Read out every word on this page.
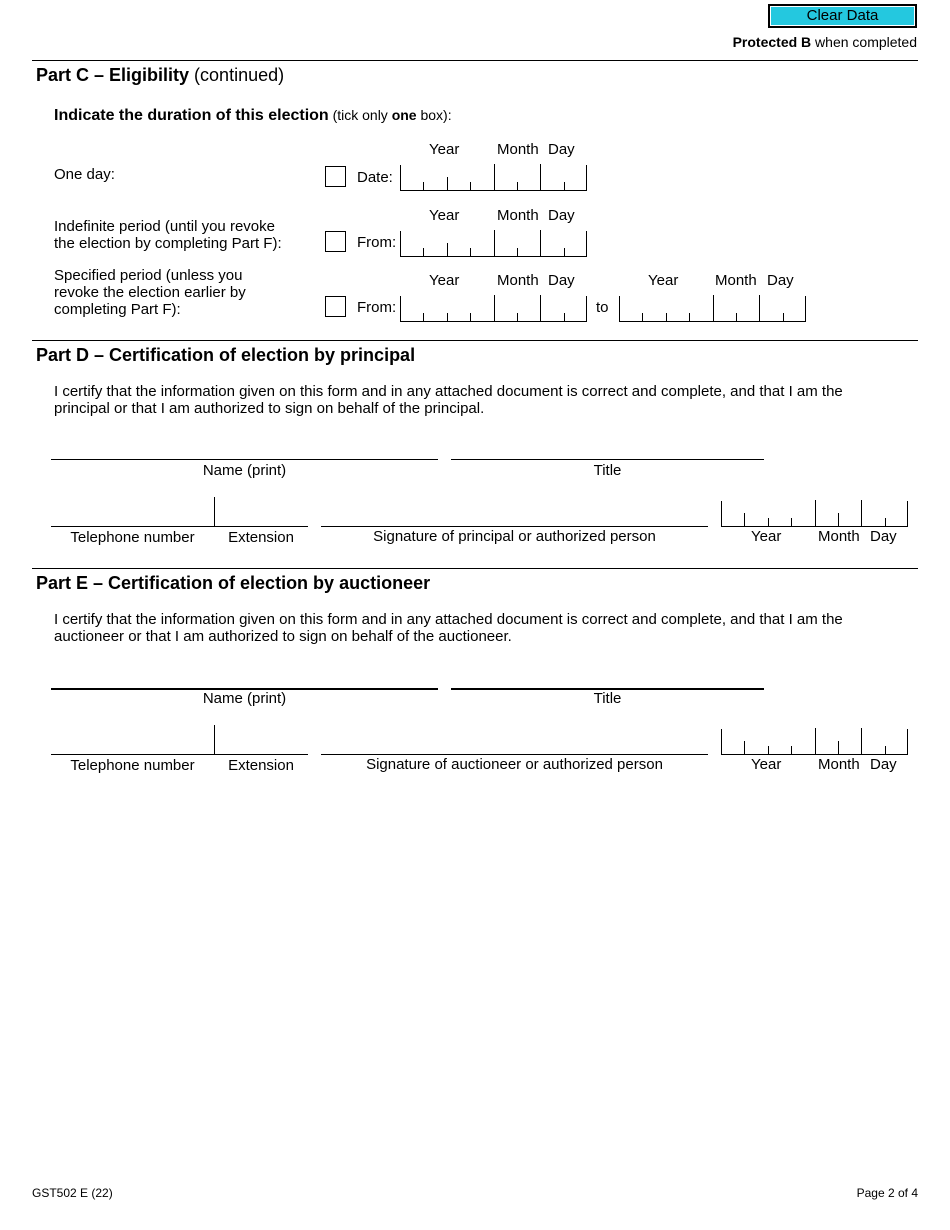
Clear Data
Protected B when completed
Part C – Eligibility (continued)
Indicate the duration of this election (tick only one box):
Year	Month Day
One day:	Date:
Year	Month Day
Indefinite period (until you revoke the election by completing Part F):	From:
Year	Month Day	Year Month Day
Specified period (unless you revoke the election earlier by completing Part F):	From:	to
Part D – Certification of election by principal
I certify that the information given on this form and in any attached document is correct and complete, and that I am the principal or that I am authorized to sign on behalf of the principal.
Name (print)	Title
Telephone number	Extension	Signature of principal or authorized person	Year Month Day
Part E – Certification of election by auctioneer
I certify that the information given on this form and in any attached document is correct and complete, and that I am the auctioneer or that I am authorized to sign on behalf of the auctioneer.
Name (print)	Title
Telephone number	Extension	Signature of auctioneer or authorized person	Year Month Day
GST502 E (22)	Page 2 of 4
